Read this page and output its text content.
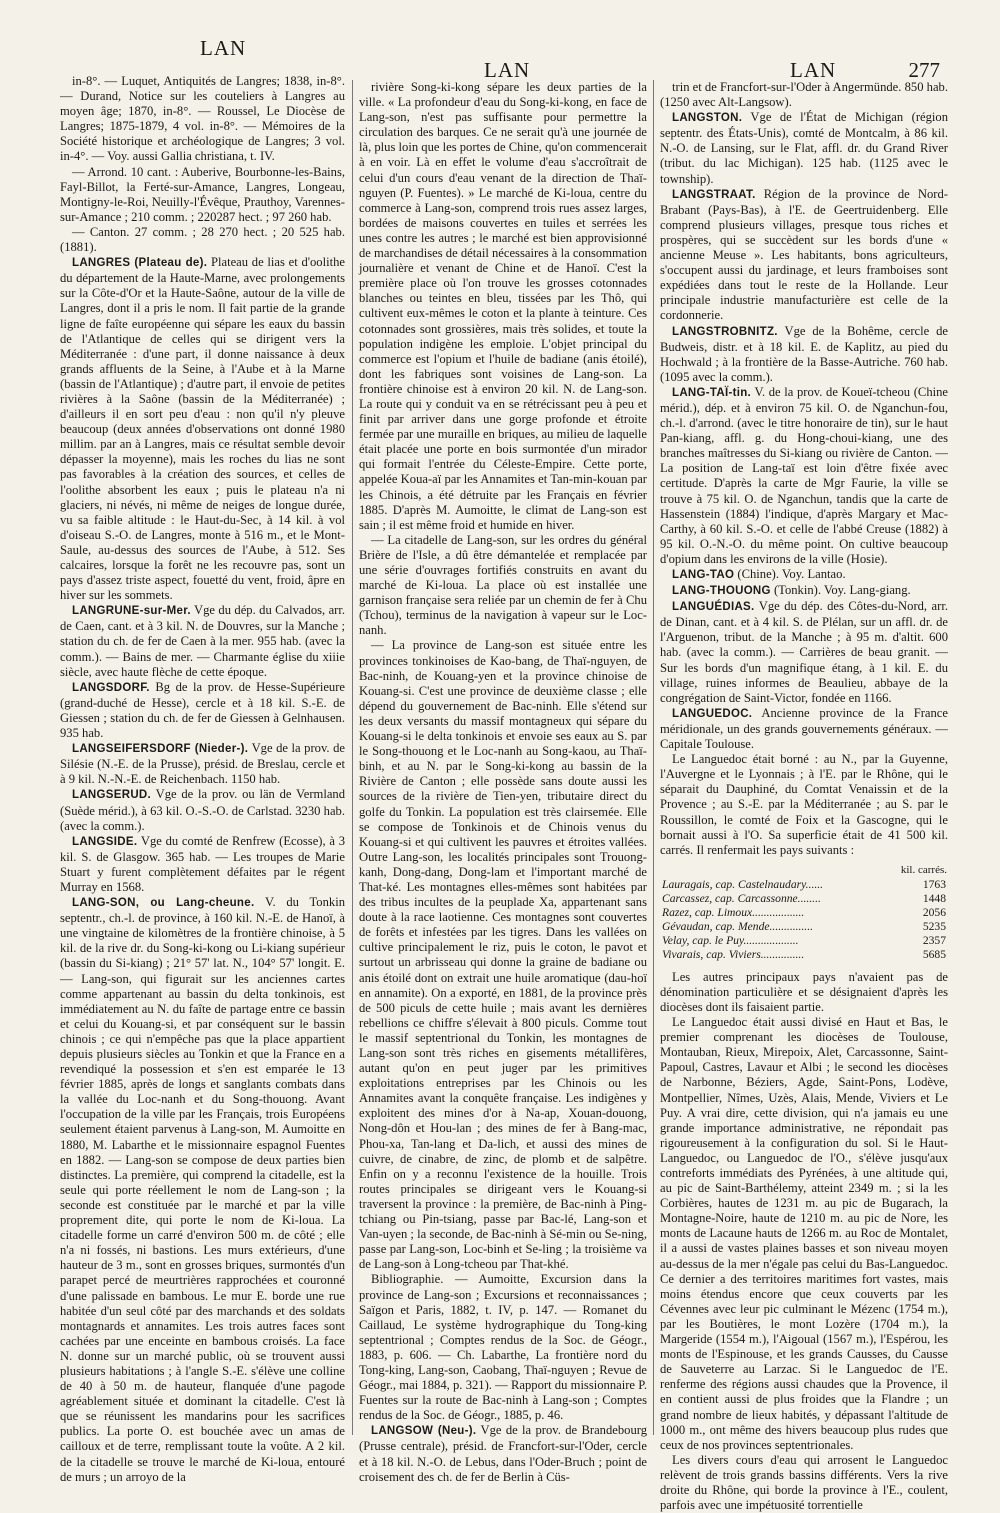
LAN
LAN	LAN	277

in-8°. — Luquet, Antiquités de Langres; 1838, in-8°. — Durand, Notice sur les couteliers à Langres au moyen âge; 1870, in-8°. — Roussel, Le Diocèse de Langres; 1875-1879, 4 vol. in-8°. — Mémoires de la Société historique et archéologique de Langres; 3 vol. in-4°. — Voy. aussi Gallia christiana, t. IV.

— Arrond. 10 cant. : Auberive, Bourbonne-les-Bains, Fayl-Billot, la Ferté-sur-Amance, Langres, Longeau, Montigny-le-Roi, Neuilly-l'Évêque, Prauthoy, Varennes-sur-Amance ; 210 comm. ; 220287 hect. ; 97 260 hab.

— Canton. 27 comm. ; 28 270 hect. ; 20 525 hab. (1881).

LANGRES (Plateau de). Plateau de lias et d'oolithe du département de la Haute-Marne, avec prolongements sur la Côte-d'Or et la Haute-Saône, autour de la ville de Langres, dont il a pris le nom. Il fait partie de la grande ligne de faîte européenne qui sépare les eaux du bassin de l'Atlantique de celles qui se dirigent vers la Méditerranée : d'une part, il donne naissance à deux grands affluents de la Seine, à l'Aube et à la Marne (bassin de l'Atlantique) ; d'autre part, il envoie de petites rivières à la Saône (bassin de la Méditerranée) ; d'ailleurs il en sort peu d'eau : non qu'il n'y pleuve beaucoup (deux années d'observations ont donné 1980 millim. par an à Langres, mais ce résultat semble devoir dépasser la moyenne), mais les roches du lias ne sont pas favorables à la création des sources, et celles de l'oolithe absorbent les eaux ; puis le plateau n'a ni glaciers, ni névés, ni même de neiges de longue durée, vu sa faible altitude : le Haut-du-Sec, à 14 kil. à vol d'oiseau S.-O. de Langres, monte à 516 m., et le Mont-Saule, au-dessus des sources de l'Aube, à 512. Ses calcaires, lorsque la forêt ne les recouvre pas, sont un pays d'assez triste aspect, fouetté du vent, froid, âpre en hiver sur les sommets.

LANGRUNE-sur-Mer. Vge du dép. du Calvados, arr. de Caen, cant. et à 3 kil. N. de Douvres, sur la Manche ; station du ch. de fer de Caen à la mer. 955 hab. (avec la comm.). — Bains de mer. — Charmante église du xiiie siècle, avec haute flèche de cette époque.

LANGSDORF. Bg de la prov. de Hesse-Supérieure (grand-duché de Hesse), cercle et à 18 kil. S.-E. de Giessen ; station du ch. de fer de Giessen à Gelnhausen. 935 hab.

LANGSEIFERSDORF (Nieder-). Vge de la prov. de Silésie (N.-E. de la Prusse), présid. de Breslau, cercle et à 9 kil. N.-N.-E. de Reichenbach. 1150 hab.

LANGSERUD. Vge de la prov. ou län de Vermland (Suède mérid.), à 63 kil. O.-S.-O. de Carlstad. 3230 hab. (avec la comm.).

LANGSIDE. Vge du comté de Renfrew (Ecosse), à 3 kil. S. de Glasgow. 365 hab. — Les troupes de Marie Stuart y furent complètement défaites par le régent Murray en 1568.

LANG-SON, ou Lang-cheune. V. du Tonkin septentr., ch.-l. de province, à 160 kil. N.-E. de Hanoï, à une vingtaine de kilomètres de la frontière chinoise, à 5 kil. de la rive dr. du Song-ki-kong ou Li-kiang supérieur (bassin du Si-kiang) ; 21° 57' lat. N., 104° 57' longit. E. — Lang-son, qui figurait sur les anciennes cartes comme appartenant au bassin du delta tonkinois, est immédiatement au N. du faîte de partage entre ce bassin et celui du Kouang-si, et par conséquent sur le bassin chinois ; ce qui n'empêche pas que la place appartient depuis plusieurs siècles au Tonkin et que la France en a revendiqué la possession et s'en est emparée le 13 février 1885, après de longs et sanglants combats dans la vallée du Loc-nanh et du Song-thouong. Avant l'occupation de la ville par les Français, trois Européens seulement étaient parvenus à Lang-son, M. Aumoitte en 1880, M. Labarthe et le missionnaire espagnol Fuentes en 1882. — Lang-son se compose de deux parties bien distinctes. La première, qui comprend la citadelle, est la seule qui porte réellement le nom de Lang-son ; la seconde est constituée par le marché et par la ville proprement dite, qui porte le nom de Ki-loua. La citadelle forme un carré d'environ 500 m. de côté ; elle n'a ni fossés, ni bastions. Les murs extérieurs, d'une hauteur de 3 m., sont en grosses briques, surmontés d'un parapet percé de meurtrières rapprochées et couronné d'une palissade en bambous. Le mur E. borde une rue habitée d'un seul côté par des marchands et des soldats montagnards et annamites. Les trois autres faces sont cachées par une enceinte en bambous croisés. La face N. donne sur un marché public, où se trouvent aussi plusieurs habitations ; à l'angle S.-E. s'élève une colline de 40 à 50 m. de hauteur, flanquée d'une pagode agréablement située et dominant la citadelle. C'est là que se réunissent les mandarins pour les sacrifices publics. La porte O. est bouchée avec un amas de cailloux et de terre, remplissant toute la voûte. A 2 kil. de la citadelle se trouve le marché de Ki-loua, entouré de murs ; un arroyo de la

rivière Song-ki-kong sépare les deux parties de la ville. « La profondeur d'eau du Song-ki-kong, en face de Lang-son, n'est pas suffisante pour permettre la circulation des barques. Ce ne serait qu'à une journée de là, plus loin que les portes de Chine, qu'on commencerait à en voir. Là en effet le volume d'eau s'accroîtrait de celui d'un cours d'eau venant de la direction de Thaï-nguyen (P. Fuentes). » Le marché de Ki-loua, centre du commerce à Lang-son, comprend trois rues assez larges, bordées de maisons couvertes en tuiles et serrées les unes contre les autres ; le marché est bien approvisionné de marchandises de détail nécessaires à la consommation journalière et venant de Chine et de Hanoï. C'est la première place où l'on trouve les grosses cotonnades blanches ou teintes en bleu, tissées par les Thô, qui cultivent eux-mêmes le coton et la plante à teinture. Ces cotonnades sont grossières, mais très solides, et toute la population indigène les emploie. L'objet principal du commerce est l'opium et l'huile de badiane (anis étoilé), dont les fabriques sont voisines de Lang-son. La frontière chinoise est à environ 20 kil. N. de Lang-son. La route qui y conduit va en se rétrécissant peu à peu et finit par arriver dans une gorge profonde et étroite fermée par une muraille en briques, au milieu de laquelle était placée une porte en bois surmontée d'un mirador qui formait l'entrée du Céleste-Empire. Cette porte, appelée Koua-aï par les Annamites et Tan-min-kouan par les Chinois, a été détruite par les Français en février 1885. D'après M. Aumoitte, le climat de Lang-son est sain ; il est même froid et humide en hiver.

— La citadelle de Lang-son, sur les ordres du général Brière de l'Isle, a dû être démantelée et remplacée par une série d'ouvrages fortifiés construits en avant du marché de Ki-loua. La place où est installée une garnison française sera reliée par un chemin de fer à Chu (Tchou), terminus de la navigation à vapeur sur le Loc-nanh.

— La province de Lang-son est située entre les provinces tonkinoises de Kao-bang, de Thaï-nguyen, de Bac-ninh, de Kouang-yen et la province chinoise de Kouang-si. C'est une province de deuxième classe ; elle dépend du gouvernement de Bac-ninh. Elle s'étend sur les deux versants du massif montagneux qui sépare du Kouang-si le delta tonkinois et envoie ses eaux au S. par le Song-thouong et le Loc-nanh au Song-kaou, au Thaï-binh, et au N. par le Song-ki-kong au bassin de la Rivière de Canton ; elle possède sans doute aussi les sources de la rivière de Tien-yen, tributaire direct du golfe du Tonkin. La population est très clairsemée. Elle se compose de Tonkinois et de Chinois venus du Kouang-si et qui cultivent les pauvres et étroites vallées. Outre Lang-son, les localités principales sont Trouong-kanh, Dong-dang, Dong-lam et l'important marché de That-ké. Les montagnes elles-mêmes sont habitées par des tribus incultes de la peuplade Xa, appartenant sans doute à la race laotienne. Ces montagnes sont couvertes de forêts et infestées par les tigres. Dans les vallées on cultive principalement le riz, puis le coton, le pavot et surtout un arbrisseau qui donne la graine de badiane ou anis étoilé dont on extrait une huile aromatique (dau-hoï en annamite). On a exporté, en 1881, de la province près de 500 piculs de cette huile ; mais avant les dernières rebellions ce chiffre s'élevait à 800 piculs. Comme tout le massif septentrional du Tonkin, les montagnes de Lang-son sont très riches en gisements métallifères, autant qu'on en peut juger par les primitives exploitations entreprises par les Chinois ou les Annamites avant la conquête française. Les indigènes y exploitent des mines d'or à Na-ap, Xouan-douong, Nong-dôn et Hou-lan ; des mines de fer à Bang-mac, Phou-xa, Tan-lang et Da-lich, et aussi des mines de cuivre, de cinabre, de zinc, de plomb et de salpêtre. Enfin on y a reconnu l'existence de la houille. Trois routes principales se dirigeant vers le Kouang-si traversent la province : la première, de Bac-ninh à Ping-tchiang ou Pin-tsiang, passe par Bac-lé, Lang-son et Van-uyen ; la seconde, de Bac-ninh à Sé-min ou Se-ning, passe par Lang-son, Loc-binh et Se-ling ; la troisième va de Lang-son à Long-tcheou par That-khé.

Bibliographie. — Aumoitte, Excursion dans la province de Lang-son ; Excursions et reconnaissances ; Saïgon et Paris, 1882, t. IV, p. 147. — Romanet du Caillaud, Le système hydrographique du Tong-king septentrional ; Comptes rendus de la Soc. de Géogr., 1883, p. 606. — Ch. Labarthe, La frontière nord du Tong-king, Lang-son, Caobang, Thaï-nguyen ; Revue de Géogr., mai 1884, p. 321). — Rapport du missionnaire P. Fuentes sur la route de Bac-ninh à Lang-son ; Comptes rendus de la Soc. de Géogr., 1885, p. 46.

LANGSOW (Neu-). Vge de la prov. de Brandebourg (Prusse centrale), présid. de Francfort-sur-l'Oder, cercle et à 18 kil. N.-O. de Lebus, dans l'Oder-Bruch ; point de croisement des ch. de fer de Berlin à Cüs-

trin et de Francfort-sur-l'Oder à Angermünde. 850 hab. (1250 avec Alt-Langsow).

LANGSTON. Vge de l'État de Michigan (région septentr. des États-Unis), comté de Montcalm, à 86 kil. N.-O. de Lansing, sur le Flat, affl. dr. du Grand River (tribut. du lac Michigan). 125 hab. (1125 avec le township).

LANGSTRAAT. Région de la province de Nord-Brabant (Pays-Bas), à l'E. de Geertruidenberg. Elle comprend plusieurs villages, presque tous riches et prospères, qui se succèdent sur les bords d'une « ancienne Meuse ». Les habitants, bons agriculteurs, s'occupent aussi du jardinage, et leurs framboises sont expédiées dans tout le reste de la Hollande. Leur principale industrie manufacturière est celle de la cordonnerie.

LANGSTROBNITZ. Vge de la Bohême, cercle de Budweis, distr. et à 18 kil. E. de Kaplitz, au pied du Hochwald ; à la frontière de la Basse-Autriche. 760 hab. (1095 avec la comm.).

LANG-TAÏ-tin. V. de la prov. de Koueï-tcheou (Chine mérid.), dép. et à environ 75 kil. O. de Nganchun-fou, ch.-l. d'arrond. (avec le titre honoraire de tin), sur le haut Pan-kiang, affl. g. du Hong-choui-kiang, une des branches maîtresses du Si-kiang ou rivière de Canton. — La position de Lang-taï est loin d'être fixée avec certitude. D'après la carte de Mgr Faurie, la ville se trouve à 75 kil. O. de Nganchun, tandis que la carte de Hassenstein (1884) l'indique, d'après Margary et Mac-Carthy, à 60 kil. S.-O. et celle de l'abbé Creuse (1882) à 95 kil. O.-N.-O. du même point. On cultive beaucoup d'opium dans les environs de la ville (Hosie).

LANG-TAO (Chine). Voy. Lantao.

LANG-THOUONG (Tonkin). Voy. Lang-giang.

LANGUÉDIAS. Vge du dép. des Côtes-du-Nord, arr. de Dinan, cant. et à 4 kil. S. de Plélan, sur un affl. dr. de l'Arguenon, tribut. de la Manche ; à 95 m. d'altit. 600 hab. (avec la comm.). — Carrières de beau granit. — Sur les bords d'un magnifique étang, à 1 kil. E. du village, ruines informes de Beaulieu, abbaye de la congrégation de Saint-Victor, fondée en 1166.

LANGUEDOC. Ancienne province de la France méridionale, un des grands gouvernements généraux. — Capitale Toulouse.

Le Languedoc était borné : au N., par la Guyenne, l'Auvergne et le Lyonnais ; à l'E. par le Rhône, qui le séparait du Dauphiné, du Comtat Venaissin et de la Provence ; au S.-E. par la Méditerranée ; au S. par le Roussillon, le comté de Foix et la Gascogne, qui le bornait aussi à l'O. Sa superficie était de 41 500 kil. carrés. Il renfermait les pays suivants :

kil. carrés.	
Lauragais, cap. Castelnaudary......	1763
Carcassez, cap. Carcassonne........	1448
Razez, cap. Limoux..................	2056
Gévaudan, cap. Mende...............	5235
Velay, cap. le Puy...................	2357
Vivarais, cap. Viviers...............	5685

Les autres principaux pays n'avaient pas de dénomination particulière et se désignaient d'après les diocèses dont ils faisaient partie.

Le Languedoc était aussi divisé en Haut et Bas, le premier comprenant les diocèses de Toulouse, Montauban, Rieux, Mirepoix, Alet, Carcassonne, Saint-Papoul, Castres, Lavaur et Albi ; le second les diocèses de Narbonne, Béziers, Agde, Saint-Pons, Lodève, Montpellier, Nîmes, Uzès, Alais, Mende, Viviers et Le Puy. A vrai dire, cette division, qui n'a jamais eu une grande importance administrative, ne répondait pas rigoureusement à la configuration du sol. Si le Haut-Languedoc, ou Languedoc de l'O., s'élève jusqu'aux contreforts immédiats des Pyrénées, à une altitude qui, au pic de Saint-Barthélemy, atteint 2349 m. ; si la les Corbières, hautes de 1231 m. au pic de Bugarach, la Montagne-Noire, haute de 1210 m. au pic de Nore, les monts de Lacaune hauts de 1266 m. au Roc de Montalet, il a aussi de vastes plaines basses et son niveau moyen au-dessus de la mer n'égale pas celui du Bas-Languedoc. Ce dernier a des territoires maritimes fort vastes, mais moins étendus encore que ceux couverts par les Cévennes avec leur pic culminant le Mézenc (1754 m.), par les Boutières, le mont Lozère (1704 m.), la Margeride (1554 m.), l'Aigoual (1567 m.), l'Espérou, les monts de l'Espinouse, et les grands Causses, du Causse de Sauveterre au Larzac. Si le Languedoc de l'E. renferme des régions aussi chaudes que la Provence, il en contient aussi de plus froides que la Flandre ; un grand nombre de lieux habités, y dépassant l'altitude de 1000 m., ont même des hivers beaucoup plus rudes que ceux de nos provinces septentrionales.

Les divers cours d'eau qui arrosent le Languedoc relèvent de trois grands bassins différents. Vers la rive droite du Rhône, qui borde la province à l'E., coulent, parfois avec une impétuosité torrentielle
